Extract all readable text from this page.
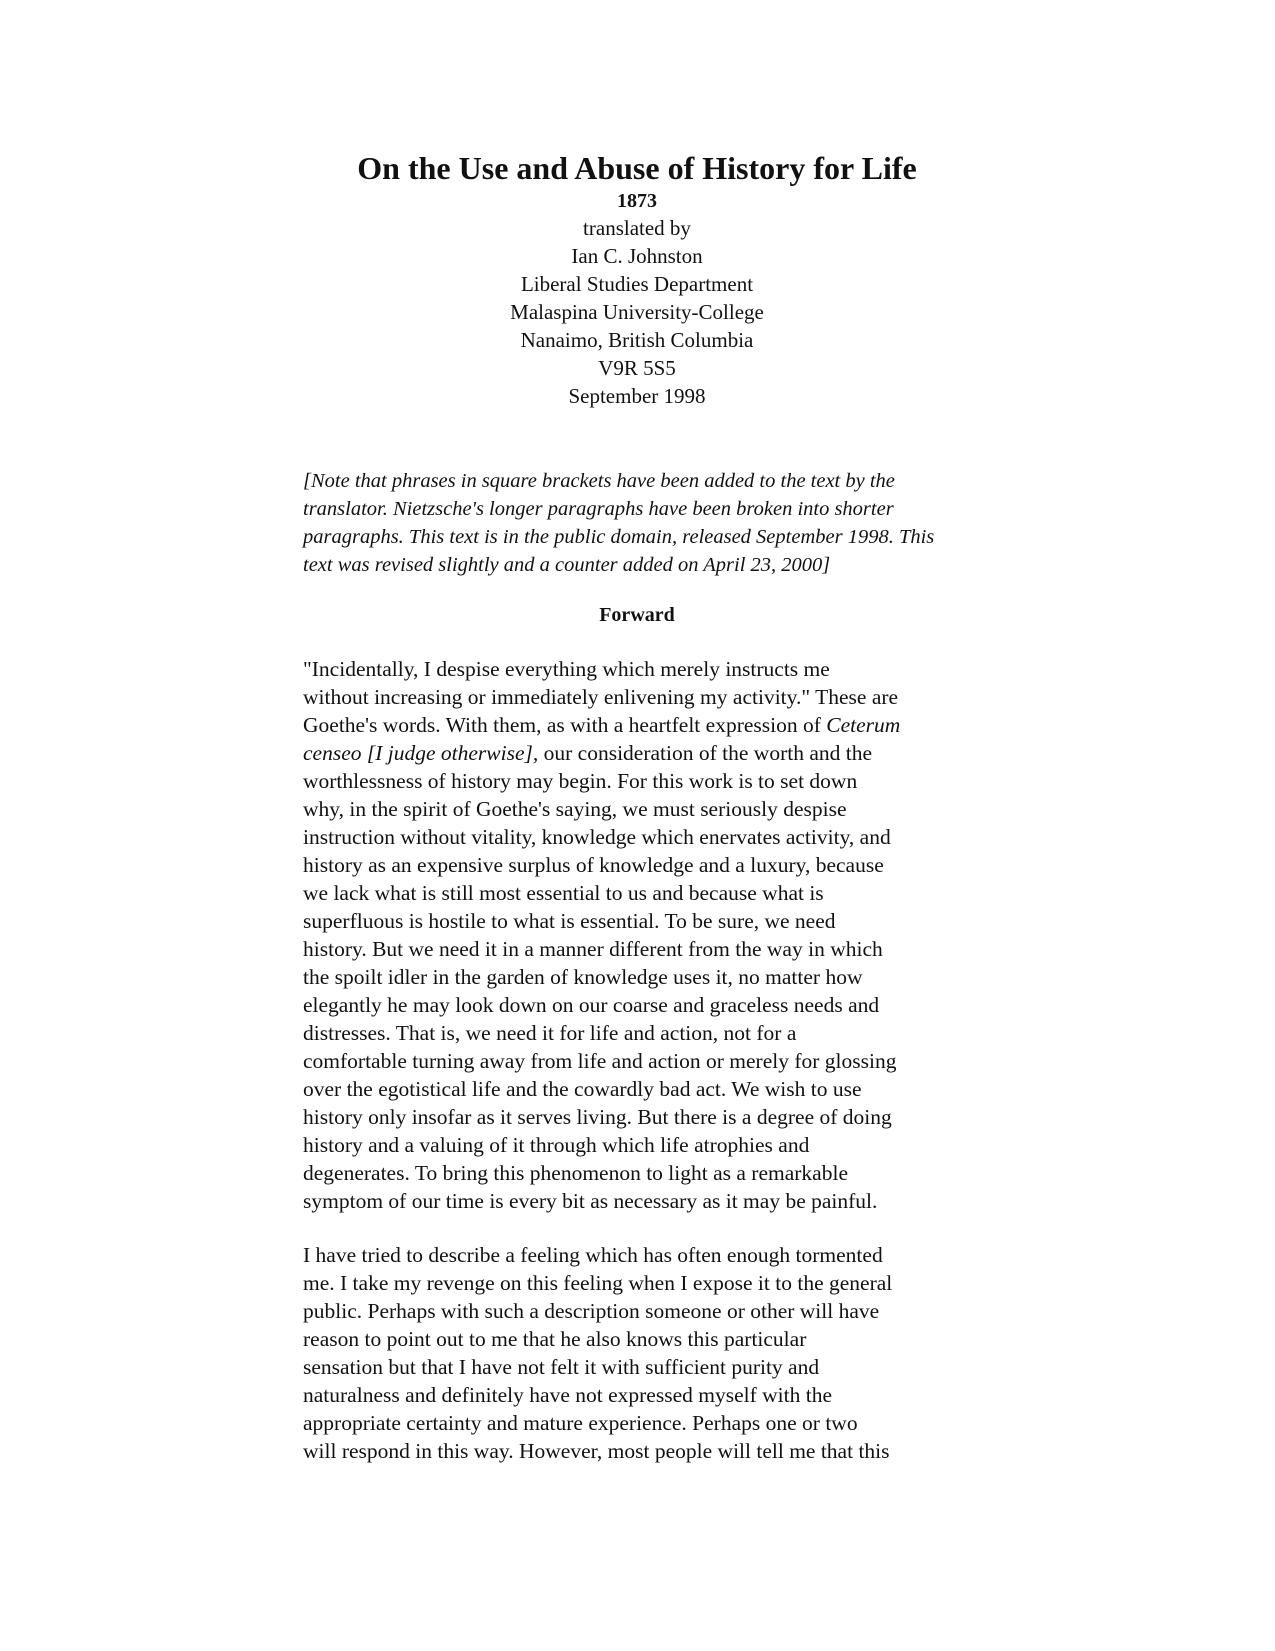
On the Use and Abuse of History for Life
1873
translated by
Ian C. Johnston
Liberal Studies Department
Malaspina University-College
Nanaimo, British Columbia
V9R 5S5
September 1998
[Note that phrases in square brackets have been added to the text by the
translator. Nietzsche's longer paragraphs have been broken into shorter
paragraphs. This text is in the public domain, released September 1998. This
text was revised slightly and a counter added on April 23, 2000]
Forward
"Incidentally, I despise everything which merely instructs me
without increasing or immediately enlivening my activity." These are
Goethe's words. With them, as with a heartfelt expression of Ceterum
censeo [I judge otherwise], our consideration of the worth and the
worthlessness of history may begin. For this work is to set down
why, in the spirit of Goethe's saying, we must seriously despise
instruction without vitality, knowledge which enervates activity, and
history as an expensive surplus of knowledge and a luxury, because
we lack what is still most essential to us and because what is
superfluous is hostile to what is essential. To be sure, we need
history. But we need it in a manner different from the way in which
the spoilt idler in the garden of knowledge uses it, no matter how
elegantly he may look down on our coarse and graceless needs and
distresses. That is, we need it for life and action, not for a
comfortable turning away from life and action or merely for glossing
over the egotistical life and the cowardly bad act. We wish to use
history only insofar as it serves living. But there is a degree of doing
history and a valuing of it through which life atrophies and
degenerates. To bring this phenomenon to light as a remarkable
symptom of our time is every bit as necessary as it may be painful.
I have tried to describe a feeling which has often enough tormented
me. I take my revenge on this feeling when I expose it to the general
public. Perhaps with such a description someone or other will have
reason to point out to me that he also knows this particular
sensation but that I have not felt it with sufficient purity and
naturalness and definitely have not expressed myself with the
appropriate certainty and mature experience. Perhaps one or two
will respond in this way. However, most people will tell me that this
